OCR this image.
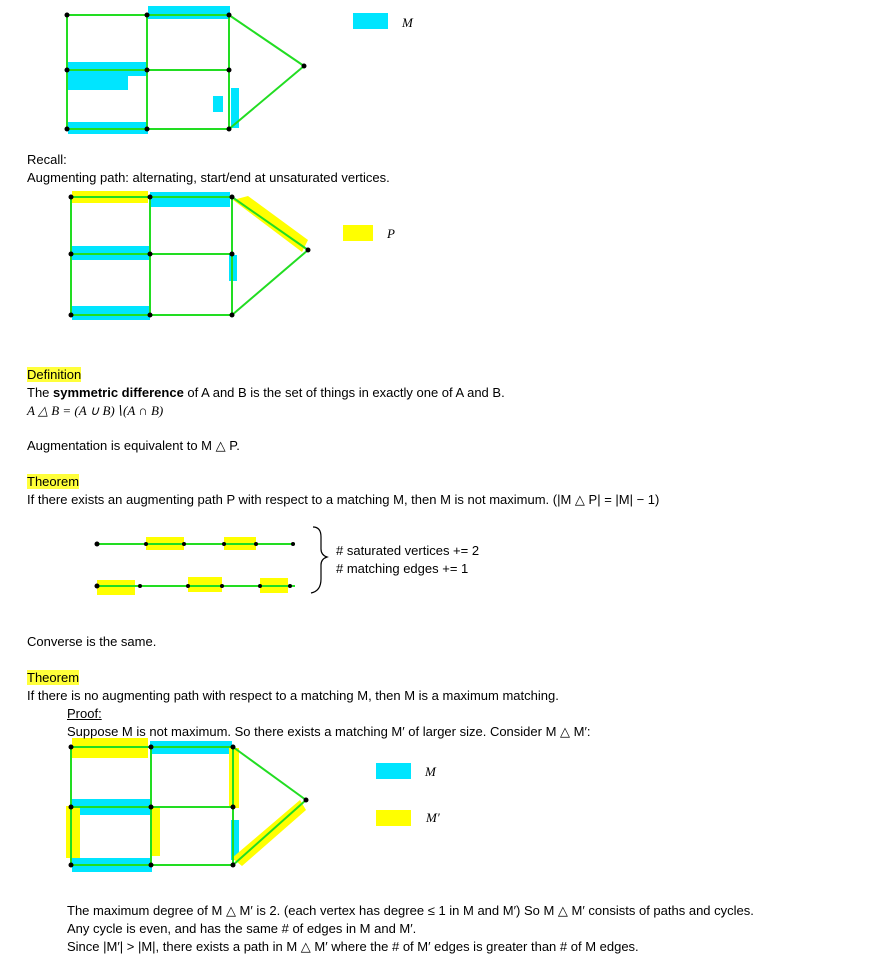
M
Recall:
Augmenting path: alternating, start/end at unsaturated vertices.
P
Definition
The symmetric difference of A and B is the set of things in exactly one of A and B.
A △ B = (A ∪ B)∖(A ∩ B)
Augmentation is equivalent to M △ P.
Theorem
If there exists an augmenting path P with respect to a matching M, then M is not maximum. (|M △ P| = |M| − 1)
# saturated vertices += 2
# matching edges += 1
Converse is the same.
Theorem
If there is no augmenting path with respect to a matching M, then M is a maximum matching.
Proof:
Suppose M is not maximum. So there exists a matching M′ of larger size. Consider M △ M′:
M
M′
The maximum degree of M △ M′ is 2. (each vertex has degree ≤ 1 in M and M′) So M △ M′ consists of paths and cycles.
Any cycle is even, and has the same # of edges in M and M′.
Since |M′| > |M|, there exists a path in M △ M′ where the # of M′ edges is greater than # of M edges.
